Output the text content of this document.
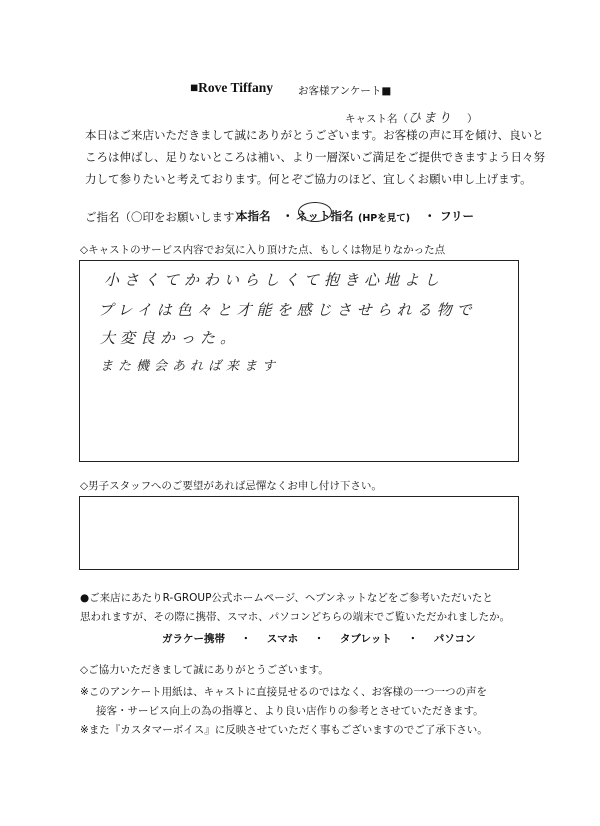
■Rove Tiffany お客様アンケート■
キャスト名（ひまり ）
本日はご来店いただきまして誠にありがとうございます。お客様の声に耳を傾け、良いと
ころは伸ばし、足りないところは補い、より一層深いご満足をご提供できますよう日々努
力して参りたいと考えております。何とぞご協力のほど、宜しくお願い申し上げます。
ご指名（〇印をお願いします）
本指名 ・ ネット指名 (HPを見て) ・ フリー
◇キャストのサービス内容でお気に入り頂けた点、もしくは物足りなかった点
小さくてかわいらしくて抱き心地よし
プレイは色々と才能を感じさせられる物で
大変良かった。
また機会あれば来ます
◇男子スタッフへのご要望があれば忌憚なくお申し付け下さい。
●ご来店にあたりR-GROUP公式ホームページ、ヘブンネットなどをご参考いただいたと
思われますが、その際に携帯、スマホ、パソコンどちらの端末でご覧いただかれましたか。
ガラケー携帯 ・ スマホ ・ タブレット ・ パソコン
◇ご協力いただきまして誠にありがとうございます。
※このアンケート用紙は、キャストに直接見せるのではなく、お客様の一つ一つの声を
接客・サービス向上の為の指導と、より良い店作りの参考とさせていただきます。
※また『カスタマーボイス』に反映させていただく事もございますのでご了承下さい。
